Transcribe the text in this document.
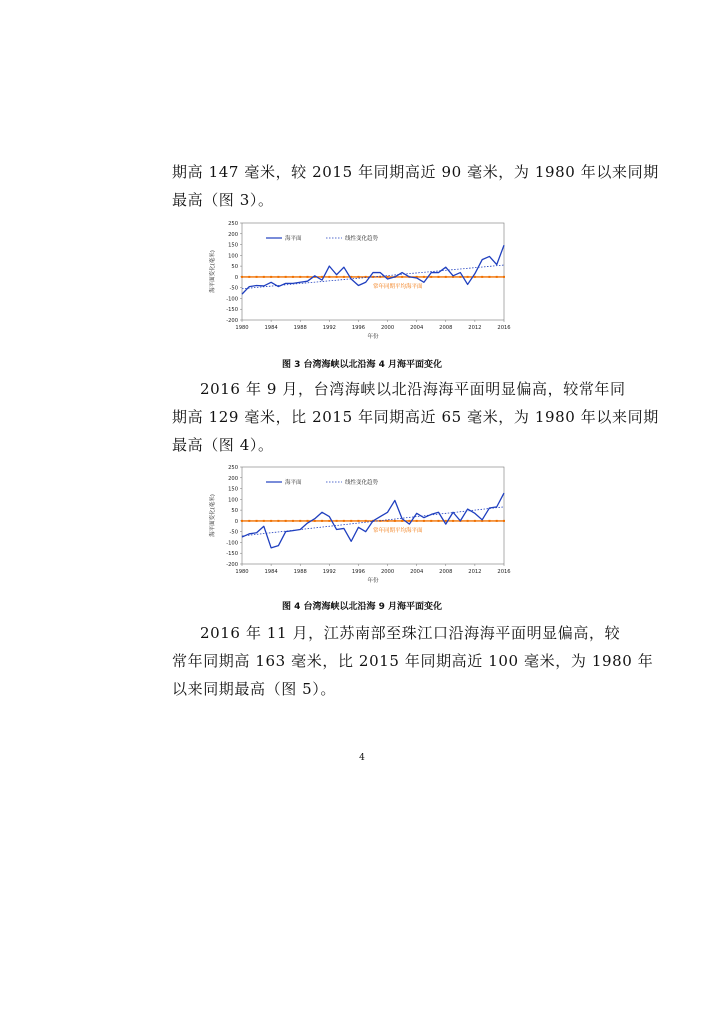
期高 147 毫米，较 2015 年同期高近 90 毫米，为 1980 年以来同期
最高（图 3）。

-200
-150
-100
-50
0
50
100
150
200
250
1980	1984	1988	1992	1996	2000	2004	2008	2012	2016
年份
海平面变化(毫米)	常年同期平均海平面
海平面	线性变化趋势
图 3 台湾海峡以北沿海 4 月海平面变化

2016 年 9 月，台湾海峡以北沿海海平面明显偏高，较常年同
期高 129 毫米，比 2015 年同期高近 65 毫米，为 1980 年以来同期
最高（图 4）。

-200
-150
-100
-50
0
50
100
150
200
250
1980	1984	1988	1992	1996	2000	2004	2008	2012	2016
年份
海平面变化(毫米)	常年同期平均海平面
海平面	线性变化趋势
图 4 台湾海峡以北沿海 9 月海平面变化

2016 年 11 月，江苏南部至珠江口沿海海平面明显偏高，较
常年同期高 163 毫米，比 2015 年同期高近 100 毫米，为 1980 年
以来同期最高（图 5）。

4
